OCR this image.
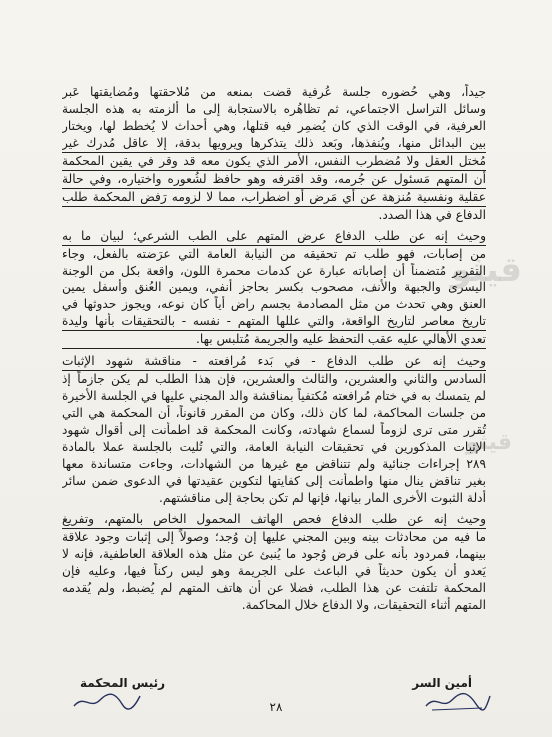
قيثو
قيثو
جيداً، وهي حُضوره جلسة عُرفية قضت بمنعه من مُلاحقتها ومُضايقتها عَبر
وسائل التراسل الاجتماعي، ثم تظاهُره بالاستجابة إلى ما أُلزمته به هذه الجلسة
العرفية، في الوقت الذي كان يُضمِر فيه قتلها، وهي أحداث لا يُخطط لها، ويختار
بين البدائل منها، ويُنفذها، وبَعد ذلك يتذكرها ويرويها بدقة، إلا عاقل مُدرك غير
مُختل العقل ولا مُضطرب النفس، الأمر الذي يكون معه قد وقر في يقين المحكمة
أن المتهم مَسئول عن جُرمه، وقد اقترفه وهو حافظ لشُعوره واختياره، وفي حالة
عقلية ونفسية مُنزهة عن أي مَرض أو اضطراب، مما لا لزومه رَفض المحكمة طلب
الدفاع في هذا الصدد.
وحيث إنه عن طلب الدفاع عرض المتهم على الطب الشرعي؛ لبيان ما به
من إصابات، فهو طلب تم تحقيقه من النيابة العامة التي عرَضته بالفعل، وجاء
التقرير مُتضمناً أن إصاباته عبارة عن كدمات محمرة اللون، واقعة بكل من الوجنة
اليسرى والجبهة والأنف، مصحوب بكسر بحاجز أنفي، ويمين العُنق وأسفل يمين
العنق وهي تحدث من مثل المصادمة بجسم راض أياً كان نوعه، ويجوز حدوثها في
تاريخ معاصر لتاريخ الواقعة، والتي عللها المتهم - نفسه - بالتحقيقات بأنها وليدة
تعدي الأهالي عليه عقب التحفظ عليه والجريمة مُتلبس بها.
وحيث إنه عن طلب الدفاع - في بَدء مُرافعته - مناقشة شهود الإثبات
السادس والثاني والعشرين، والثالث والعشرين، فإن هذا الطلب لم يكن جازماً إذ
لم يتمسك به في ختام مُرافعته مُكتفياً بمناقشة والد المجني عليها في الجلسة الأخيرة
من جلسات المحاكمة، لما كان ذلك، وكان من المقرر قانوناً، أن المحكمة هي التي
تُقرر متى ترى لزوماً لسماع شهادته، وكانت المحكمة قد اطمأنت إلى أقوال شهود
الإثبات المذكورين في تحقيقات النيابة العامة، والتي تُليت بالجلسة عملا بالمادة
٢٨٩ إجراءات جنائية ولم تتناقض مع غيرها من الشهادات، وجاءت متساندة معها
بغير تناقض ينال منها واطمأنت إلى كفايتها لتكوين عقيدتها في الدعوى ضمن سائر
أدلة الثبوت الأخرى المار بيانها، فإنها لم تكن بحاجة إلى مناقشتهم.
وحيث إنه عن طلب الدفاع فحص الهاتف المحمول الخاص بالمتهم، وتفريغ
ما فيه من محادثات بينه وبين المجني عليها إن وُجد؛ وصولاً إلى إثبات وجود علاقة
بينهما، فمردود بأنه على فرض وُجود ما يُنبئ عن مثل هذه العلاقة العاطفية، فإنه لا
يَعدو أن يكون حديثاً في الباعث على الجريمة وهو ليس ركناً فيها، وعليه فإن
المحكمة تلتفت عن هذا الطلب، فضلا عن أن هاتف المتهم لم يُضبط، ولم يُقدمه
المتهم أثناء التحقيقات، ولا الدفاع خلال المحاكمة.
رئيس المحكمة	أمين السر
٢٨
